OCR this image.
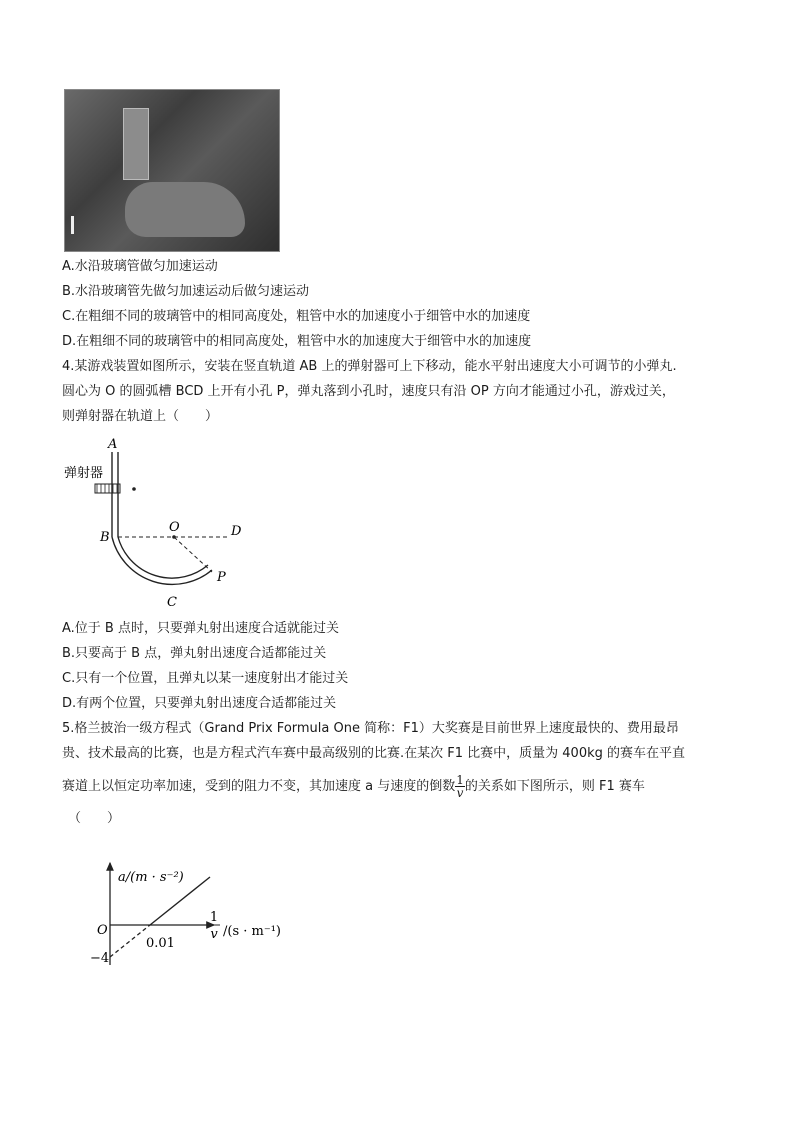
A.水沿玻璃管做匀加速运动
B.水沿玻璃管先做匀加速运动后做匀速运动
C.在粗细不同的玻璃管中的相同高度处，粗管中水的加速度小于细管中水的加速度
D.在粗细不同的玻璃管中的相同高度处，粗管中水的加速度大于细管中水的加速度
4.某游戏装置如图所示，安装在竖直轨道 AB 上的弹射器可上下移动，能水平射出速度大小可调节的小弹丸.
圆心为 O 的圆弧槽 BCD 上开有小孔 P，弹丸落到小孔时，速度只有沿 OP 方向才能通过小孔，游戏过关，
则弹射器在轨道上（　　）
A
弹射器
B
O	D
P
C
A.位于 B 点时，只要弹丸射出速度合适就能过关
B.只要高于 B 点，弹丸射出速度合适都能过关
C.只有一个位置，且弹丸以某一速度射出才能过关
D.有两个位置，只要弹丸射出速度合适都能过关
5.格兰披治一级方程式（Grand Prix Formula One 简称：F1）大奖赛是目前世界上速度最快的、费用最昂
贵、技术最高的比赛，也是方程式汽车赛中最高级别的比赛.在某次 F1 比赛中，质量为 400kg 的赛车在平直
赛道上以恒定功率加速，受到的阻力不变，其加速度 a 与速度的倒数 $\frac{1}{v}$ 的关系如下图所示，则 F1 赛车
（　　）
a/(m · s⁻²)
O
0.01
−4
1
v /(s · m⁻¹)
